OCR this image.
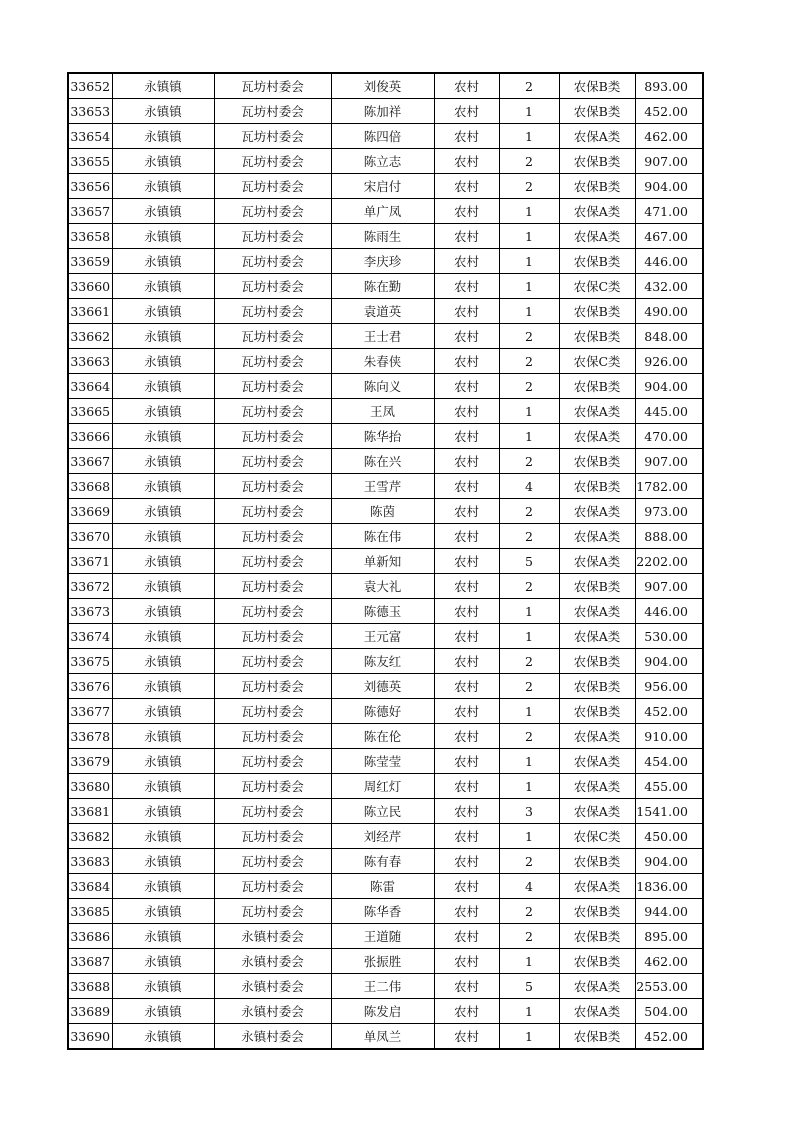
33652	永镇镇	瓦坊村委会	刘俊英	农村	2	农保B类	893.00
33653	永镇镇	瓦坊村委会	陈加祥	农村	1	农保B类	452.00
33654	永镇镇	瓦坊村委会	陈四倍	农村	1	农保A类	462.00
33655	永镇镇	瓦坊村委会	陈立志	农村	2	农保B类	907.00
33656	永镇镇	瓦坊村委会	宋启付	农村	2	农保B类	904.00
33657	永镇镇	瓦坊村委会	单广凤	农村	1	农保A类	471.00
33658	永镇镇	瓦坊村委会	陈雨生	农村	1	农保A类	467.00
33659	永镇镇	瓦坊村委会	李庆珍	农村	1	农保B类	446.00
33660	永镇镇	瓦坊村委会	陈在勤	农村	1	农保C类	432.00
33661	永镇镇	瓦坊村委会	袁道英	农村	1	农保B类	490.00
33662	永镇镇	瓦坊村委会	王士君	农村	2	农保B类	848.00
33663	永镇镇	瓦坊村委会	朱春侠	农村	2	农保C类	926.00
33664	永镇镇	瓦坊村委会	陈向义	农村	2	农保B类	904.00
33665	永镇镇	瓦坊村委会	王凤	农村	1	农保A类	445.00
33666	永镇镇	瓦坊村委会	陈华抬	农村	1	农保A类	470.00
33667	永镇镇	瓦坊村委会	陈在兴	农村	2	农保B类	907.00
33668	永镇镇	瓦坊村委会	王雪芹	农村	4	农保B类	1782.00
33669	永镇镇	瓦坊村委会	陈茵	农村	2	农保A类	973.00
33670	永镇镇	瓦坊村委会	陈在伟	农村	2	农保A类	888.00
33671	永镇镇	瓦坊村委会	单新知	农村	5	农保A类	2202.00
33672	永镇镇	瓦坊村委会	袁大礼	农村	2	农保B类	907.00
33673	永镇镇	瓦坊村委会	陈德玉	农村	1	农保A类	446.00
33674	永镇镇	瓦坊村委会	王元富	农村	1	农保A类	530.00
33675	永镇镇	瓦坊村委会	陈友红	农村	2	农保B类	904.00
33676	永镇镇	瓦坊村委会	刘德英	农村	2	农保B类	956.00
33677	永镇镇	瓦坊村委会	陈德好	农村	1	农保B类	452.00
33678	永镇镇	瓦坊村委会	陈在伦	农村	2	农保A类	910.00
33679	永镇镇	瓦坊村委会	陈莹莹	农村	1	农保A类	454.00
33680	永镇镇	瓦坊村委会	周红灯	农村	1	农保A类	455.00
33681	永镇镇	瓦坊村委会	陈立民	农村	3	农保A类	1541.00
33682	永镇镇	瓦坊村委会	刘经芹	农村	1	农保C类	450.00
33683	永镇镇	瓦坊村委会	陈有春	农村	2	农保B类	904.00
33684	永镇镇	瓦坊村委会	陈雷	农村	4	农保A类	1836.00
33685	永镇镇	瓦坊村委会	陈华香	农村	2	农保B类	944.00
33686	永镇镇	永镇村委会	王道随	农村	2	农保B类	895.00
33687	永镇镇	永镇村委会	张振胜	农村	1	农保B类	462.00
33688	永镇镇	永镇村委会	王二伟	农村	5	农保A类	2553.00
33689	永镇镇	永镇村委会	陈发启	农村	1	农保A类	504.00
33690	永镇镇	永镇村委会	单凤兰	农村	1	农保B类	452.00
